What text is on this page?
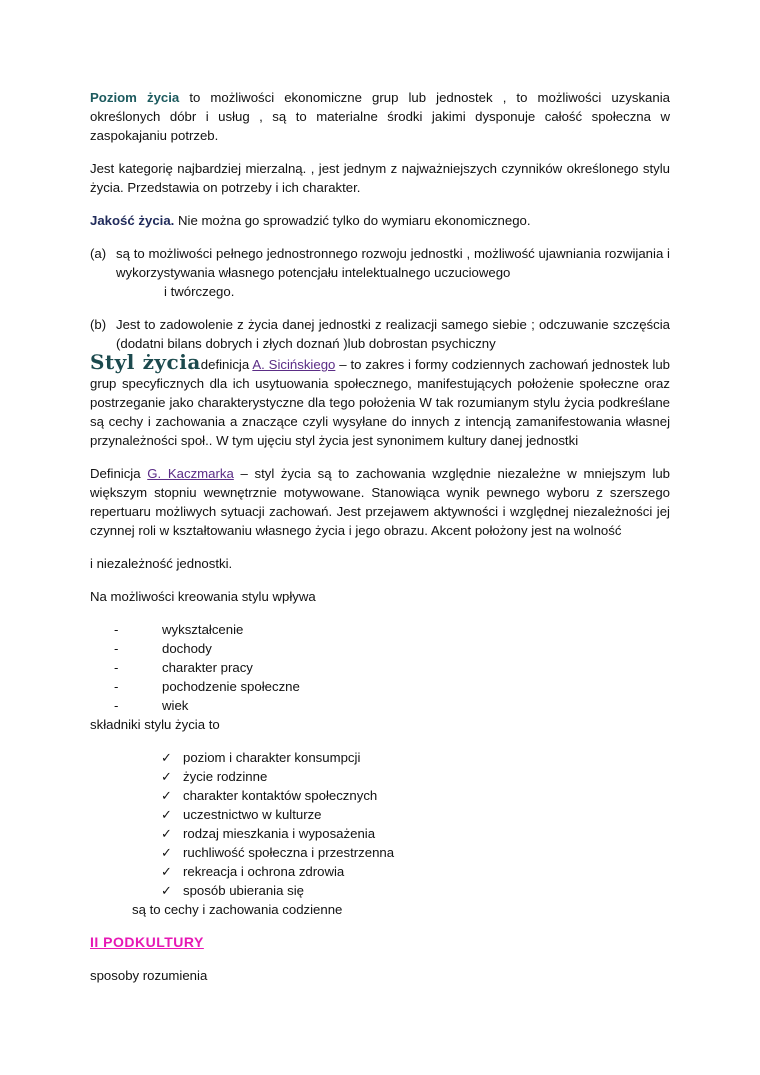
Poziom życia to możliwości ekonomiczne grup lub jednostek , to możliwości uzyskania określonych dóbr i usług , są to materialne środki jakimi dysponuje całość społeczna w zaspokajaniu potrzeb.

Jest kategorię najbardziej mierzalną. , jest jednym z najważniejszych czynników określonego stylu życia. Przedstawia on potrzeby i ich charakter.

Jakość życia. Nie można go sprowadzić tylko do wymiaru ekonomicznego.

(a) są to możliwości pełnego jednostronnego rozwoju jednostki , możliwość ujawniania rozwijania i wykorzystywania własnego potencjału intelektualnego uczuciowego
i twórczego.
(b) Jest to zadowolenie z życia danej jednostki z realizacji samego siebie ; odczuwanie szczęścia (dodatni bilans dobrych i złych doznań )lub dobrostan psychiczny

Styl życiadefinicja A. Sicińskiego – to zakres i formy codziennych zachowań jednostek lub grup specyficznych dla ich usytuowania społecznego, manifestujących położenie społeczne oraz postrzeganie jako charakterystyczne dla tego położenia W tak rozumianym stylu życia podkreślane są cechy i zachowania a znaczące czyli wysyłane do innych z intencją zamanifestowania własnej przynależności społ.. W tym ujęciu styl życia jest synonimem kultury danej jednostki

Definicja G. Kaczmarka – styl życia są to zachowania względnie niezależne w mniejszym lub większym stopniu wewnętrznie motywowane. Stanowiąca wynik pewnego wyboru z szerszego repertuaru możliwych sytuacji zachowań. Jest przejawem aktywności i względnej niezależności jej czynnej roli w kształtowaniu własnego życia i jego obrazu. Akcent położony jest na wolność

i niezależność jednostki.

Na możliwości kreowania stylu wpływa

-	wykształcenie
-	dochody
-	charakter pracy
-	pochodzenie społeczne
-	wiek

składniki stylu życia to

✓ poziom i charakter konsumpcji
✓ życie rodzinne
✓ charakter kontaktów społecznych
✓ uczestnictwo w kulturze
✓ rodzaj mieszkania i wyposażenia
✓ ruchliwość społeczna i przestrzenna
✓ rekreacja i ochrona zdrowia
✓ sposób ubierania się

są to cechy i zachowania codzienne

II PODKULTURY

sposoby rozumienia
